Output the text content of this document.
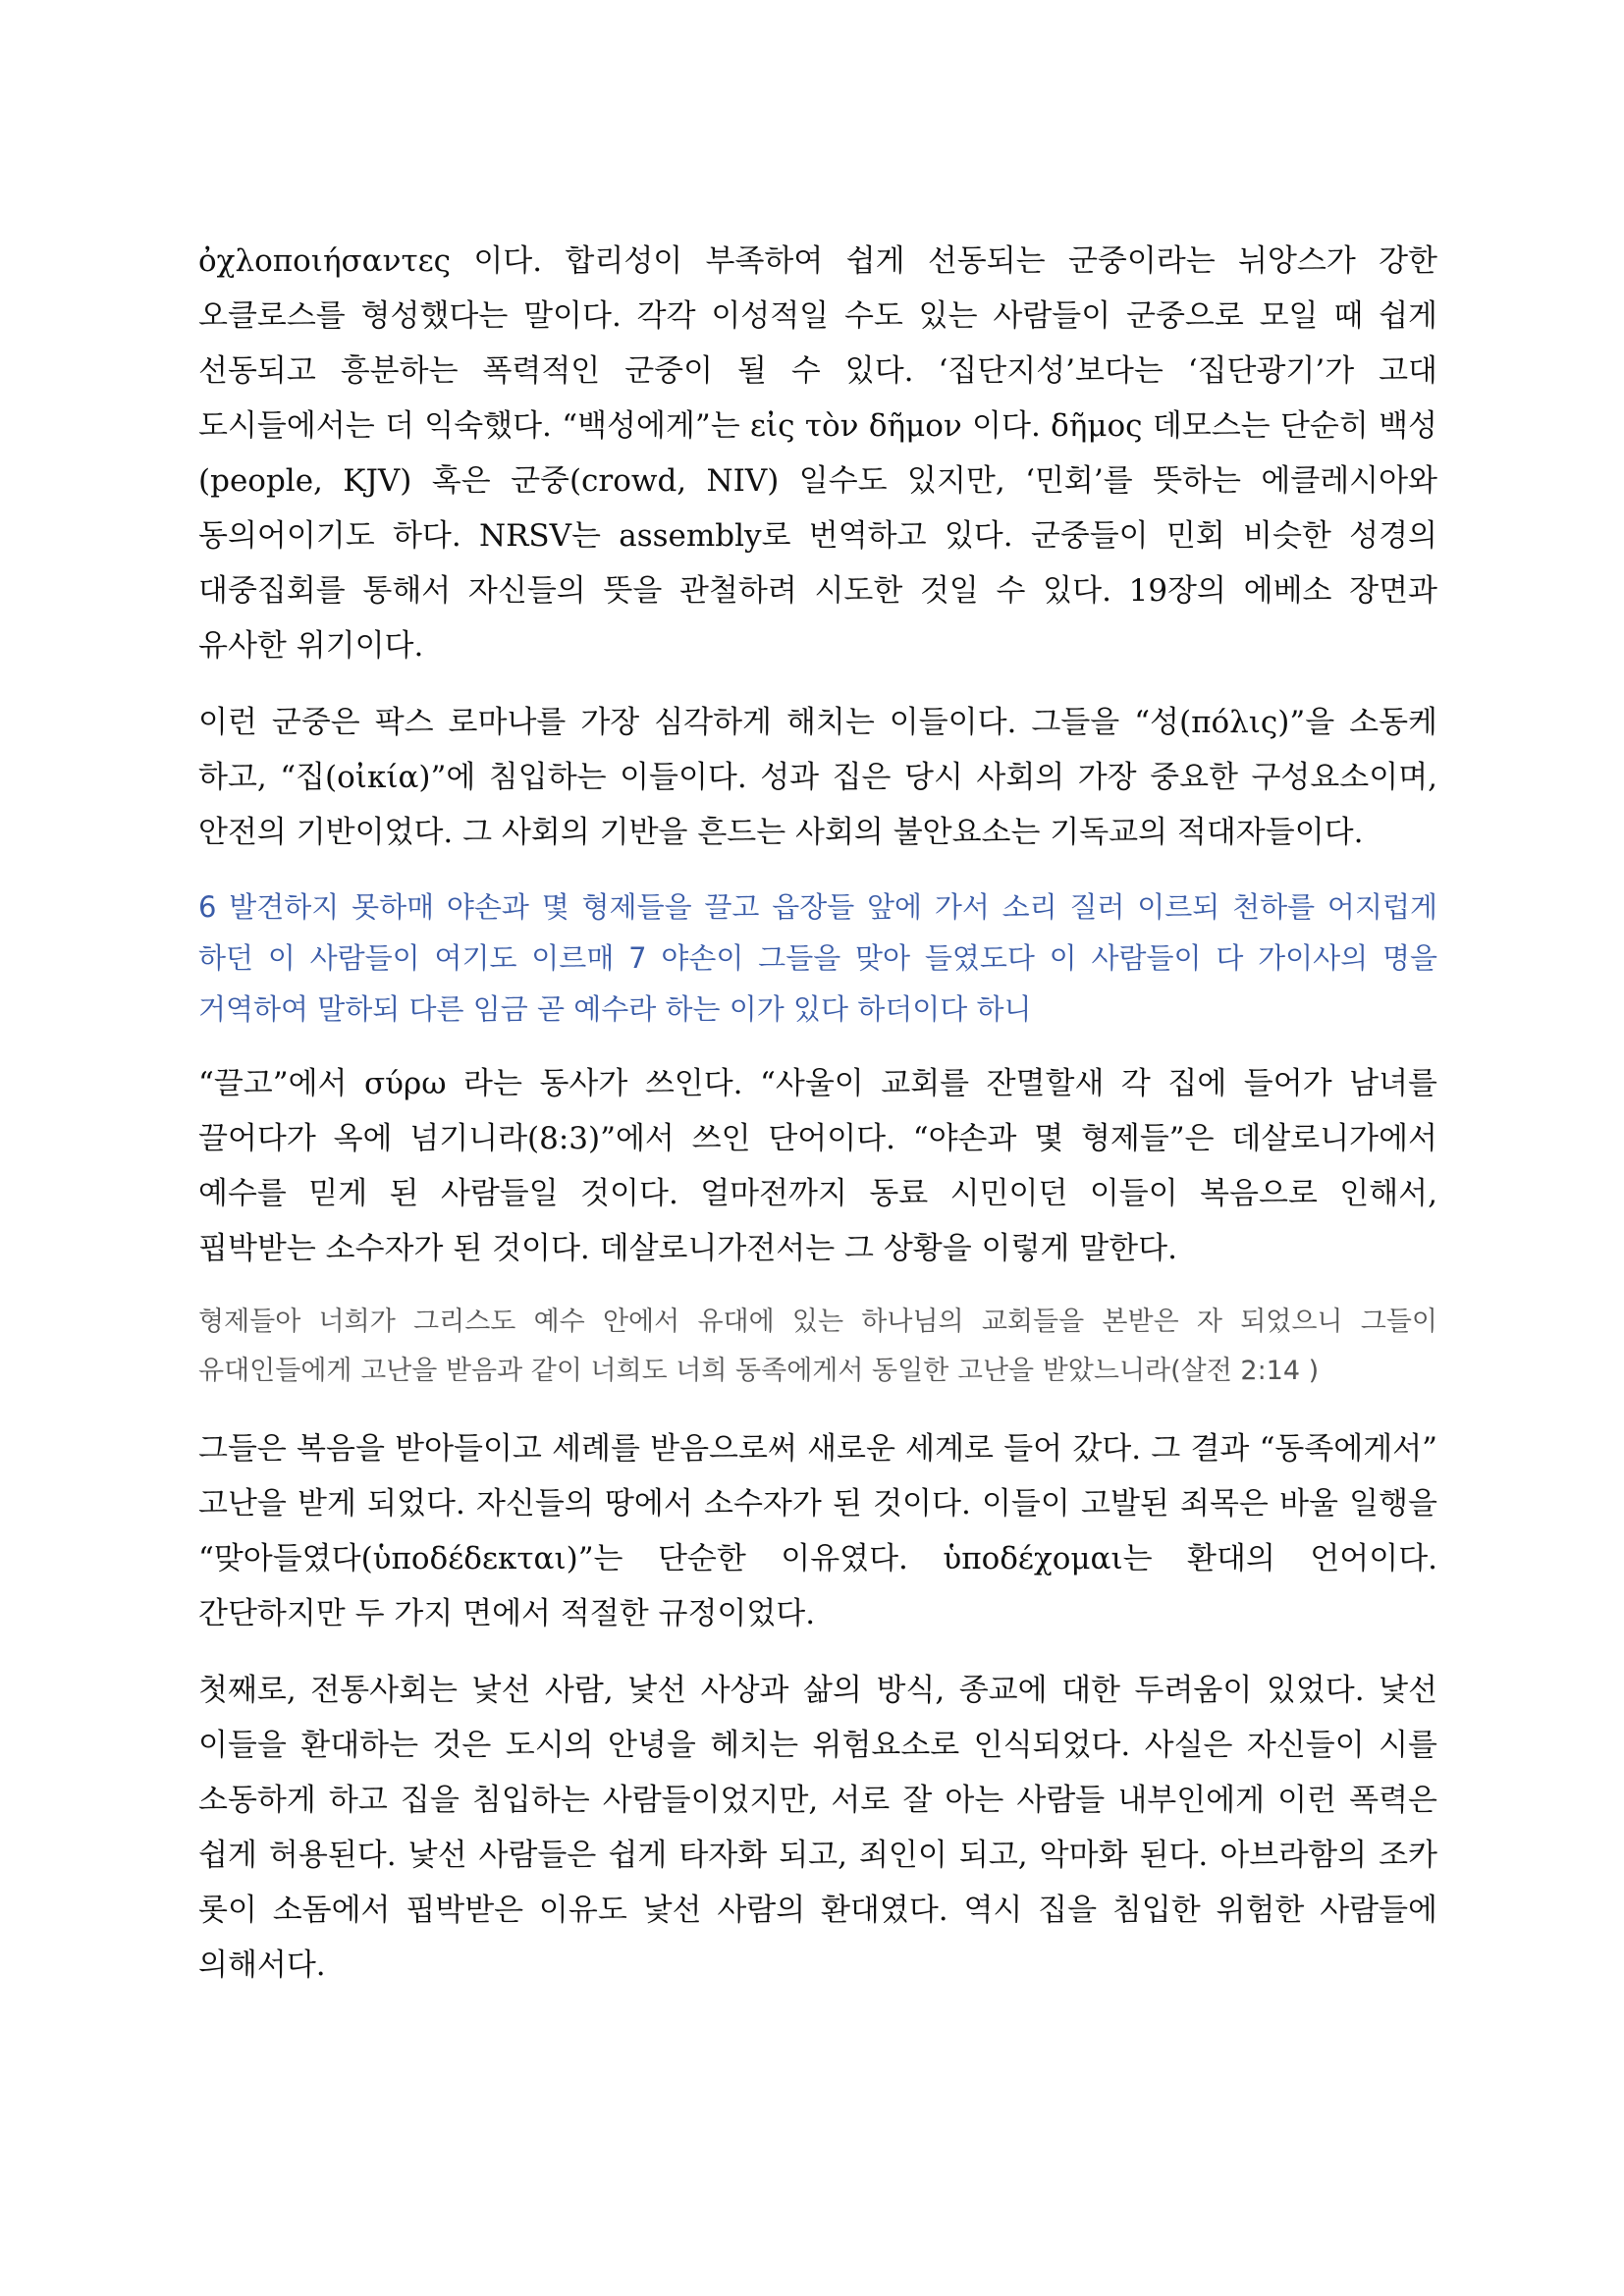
ὀχλοποιήσαντες 이다. 합리성이 부족하여 쉽게 선동되는 군중이라는 뉘앙스가 강한 오클로스를 형성했다는 말이다. 각각 이성적일 수도 있는 사람들이 군중으로 모일 때 쉽게 선동되고 흥분하는 폭력적인 군중이 될 수 있다. ‘집단지성’보다는 ‘집단광기’가 고대 도시들에서는 더 익숙했다. “백성에게”는 εἰς τὸν δῆμον 이다. δῆμος 데모스는 단순히 백성(people, KJV) 혹은 군중(crowd, NIV) 일수도 있지만, ‘민회’를 뜻하는 에클레시아와 동의어이기도 하다. NRSV는 assembly로 번역하고 있다. 군중들이 민회 비슷한 성경의 대중집회를 통해서 자신들의 뜻을 관철하려 시도한 것일 수 있다. 19장의 에베소 장면과 유사한 위기이다.

이런 군중은 팍스 로마나를 가장 심각하게 해치는 이들이다. 그들을 “성(πόλις)”을 소동케 하고, “집(οἰκία)”에 침입하는 이들이다. 성과 집은 당시 사회의 가장 중요한 구성요소이며, 안전의 기반이었다. 그 사회의 기반을 흔드는 사회의 불안요소는 기독교의 적대자들이다.

6 발견하지 못하매 야손과 몇 형제들을 끌고 읍장들 앞에 가서 소리 질러 이르되 천하를 어지럽게 하던 이 사람들이 여기도 이르매 7 야손이 그들을 맞아 들였도다 이 사람들이 다 가이사의 명을 거역하여 말하되 다른 임금 곧 예수라 하는 이가 있다 하더이다 하니

“끌고”에서 σύρω 라는 동사가 쓰인다. “사울이 교회를 잔멸할새 각 집에 들어가 남녀를 끌어다가 옥에 넘기니라(8:3)”에서 쓰인 단어이다. “야손과 몇 형제들”은 데살로니가에서 예수를 믿게 된 사람들일 것이다. 얼마전까지 동료 시민이던 이들이 복음으로 인해서, 핍박받는 소수자가 된 것이다. 데살로니가전서는 그 상황을 이렇게 말한다.

형제들아 너희가 그리스도 예수 안에서 유대에 있는 하나님의 교회들을 본받은 자 되었으니 그들이 유대인들에게 고난을 받음과 같이 너희도 너희 동족에게서 동일한 고난을 받았느니라(살전 2:14 )

그들은 복음을 받아들이고 세례를 받음으로써 새로운 세계로 들어 갔다. 그 결과 “동족에게서” 고난을 받게 되었다. 자신들의 땅에서 소수자가 된 것이다. 이들이 고발된 죄목은 바울 일행을 “맞아들였다(ὑποδέδεκται)”는 단순한 이유였다. ὑποδέχομαι는 환대의 언어이다. 간단하지만 두 가지 면에서 적절한 규정이었다.

첫째로, 전통사회는 낯선 사람, 낯선 사상과 삶의 방식, 종교에 대한 두려움이 있었다. 낯선 이들을 환대하는 것은 도시의 안녕을 헤치는 위험요소로 인식되었다. 사실은 자신들이 시를 소동하게 하고 집을 침입하는 사람들이었지만, 서로 잘 아는 사람들 내부인에게 이런 폭력은 쉽게 허용된다. 낯선 사람들은 쉽게 타자화 되고, 죄인이 되고, 악마화 된다. 아브라함의 조카 롯이 소돔에서 핍박받은 이유도 낯선 사람의 환대였다. 역시 집을 침입한 위험한 사람들에 의해서다.
